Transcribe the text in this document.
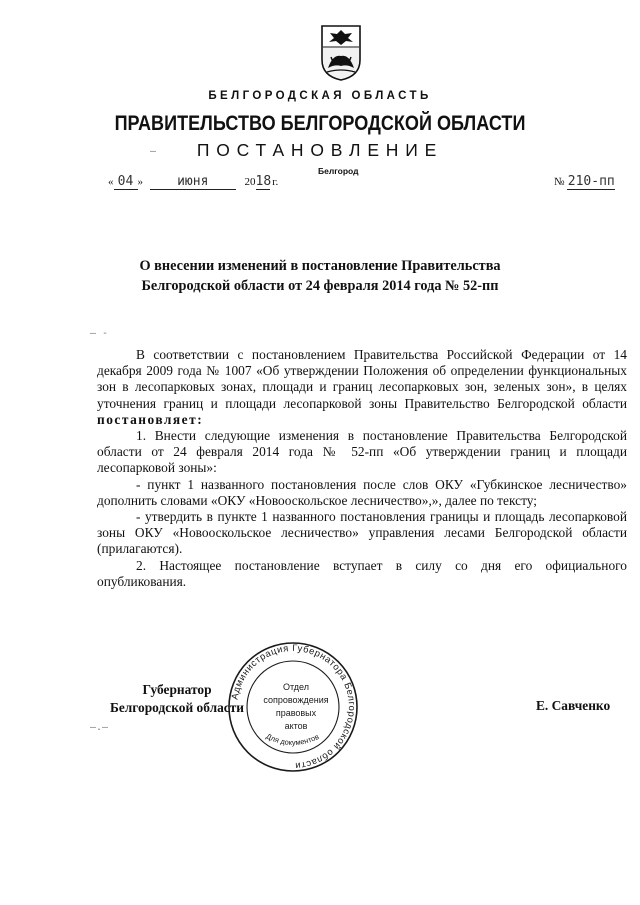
БЕЛГОРОДСКАЯ ОБЛАСТЬ
ПРАВИТЕЛЬСТВО БЕЛГОРОДСКОЙ ОБЛАСТИ
ПОСТАНОВЛЕНИЕ
Белгород
–
« 04 »	июня	2018 г.	№ 210-пп
О внесении изменений в постановление Правительства
Белгородской области от 24 февраля 2014 года № 52-пп
– -

В соответствии с постановлением Правительства Российской Федерации от 14 декабря 2009 года № 1007 «Об утверждении Положения об определении функциональных зон в лесопарковых зонах, площади и границ лесопарковых зон, зеленых зон», в целях уточнения границ и площади лесопарковой зоны Правительство Белгородской области постановляет:

1. Внести следующие изменения в постановление Правительства Белгородской области от 24 февраля 2014 года № 52-пп «Об утверждении границ и площади лесопарковой зоны»:

- пункт 1 названного постановления после слов ОКУ «Губкинское лесничество» дополнить словами «ОКУ «Новооскольское лесничество»,», далее по тексту;

- утвердить в пункте 1 названного постановления границы и площадь лесопарковой зоны ОКУ «Новооскольское лесничество» управления лесами Белгородской области (прилагаются).

2. Настоящее постановление вступает в силу со дня его официального опубликования.

Губернатор
Белгородской области	Е. Савченко
–.–
Администрация Губернатора Белгородской области
Для документов
Отдел
сопровождения
правовых
актов
